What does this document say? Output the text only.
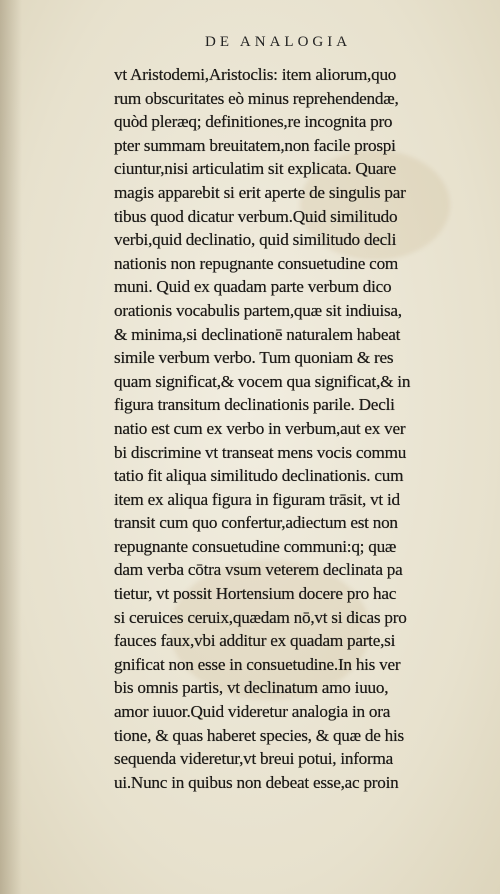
DE ANALOGIA
vt Aristodemi,Aristoclis: item aliorum,quo
rum obscuritates eò minus reprehendendæ,
quòd pleræq; definitiones,re incognita pro
pter summam breuitatem,non facile prospi
ciuntur,nisi articulatim sit explicata. Quare
magis apparebit si erit aperte de singulis par
tibus quod dicatur verbum.Quid similitudo
verbi,quid declinatio, quid similitudo decli
nationis non repugnante consuetudine com
muni. Quid ex quadam parte verbum dico
orationis vocabulis partem,quæ sit indiuisa,
& minima,si declinationē naturalem habeat
simile verbum verbo. Tum quoniam & res
quam significat,& vocem qua significat,& in
figura transitum declinationis parile. Decli
natio est cum ex verbo in verbum,aut ex ver
bi discrimine vt transeat mens vocis commu
tatio fit aliqua similitudo declinationis. cum
item ex aliqua figura in figuram trāsit, vt id
transit cum quo confertur,adiectum est non
repugnante consuetudine communi:q; quæ
dam verba cōtra vsum veterem declinata pa
tietur, vt possit Hortensium docere pro hac
si ceruices ceruix,quædam nō,vt si dicas pro
fauces faux,vbi additur ex quadam parte,si
gnificat non esse in consuetudine.In his ver
bis omnis partis, vt declinatum amo iuuo,
amor iuuor.Quid videretur analogia in ora
tione, & quas haberet species, & quæ de his
sequenda videretur,vt breui potui, informa
ui.Nunc in quibus non debeat esse,ac proin
